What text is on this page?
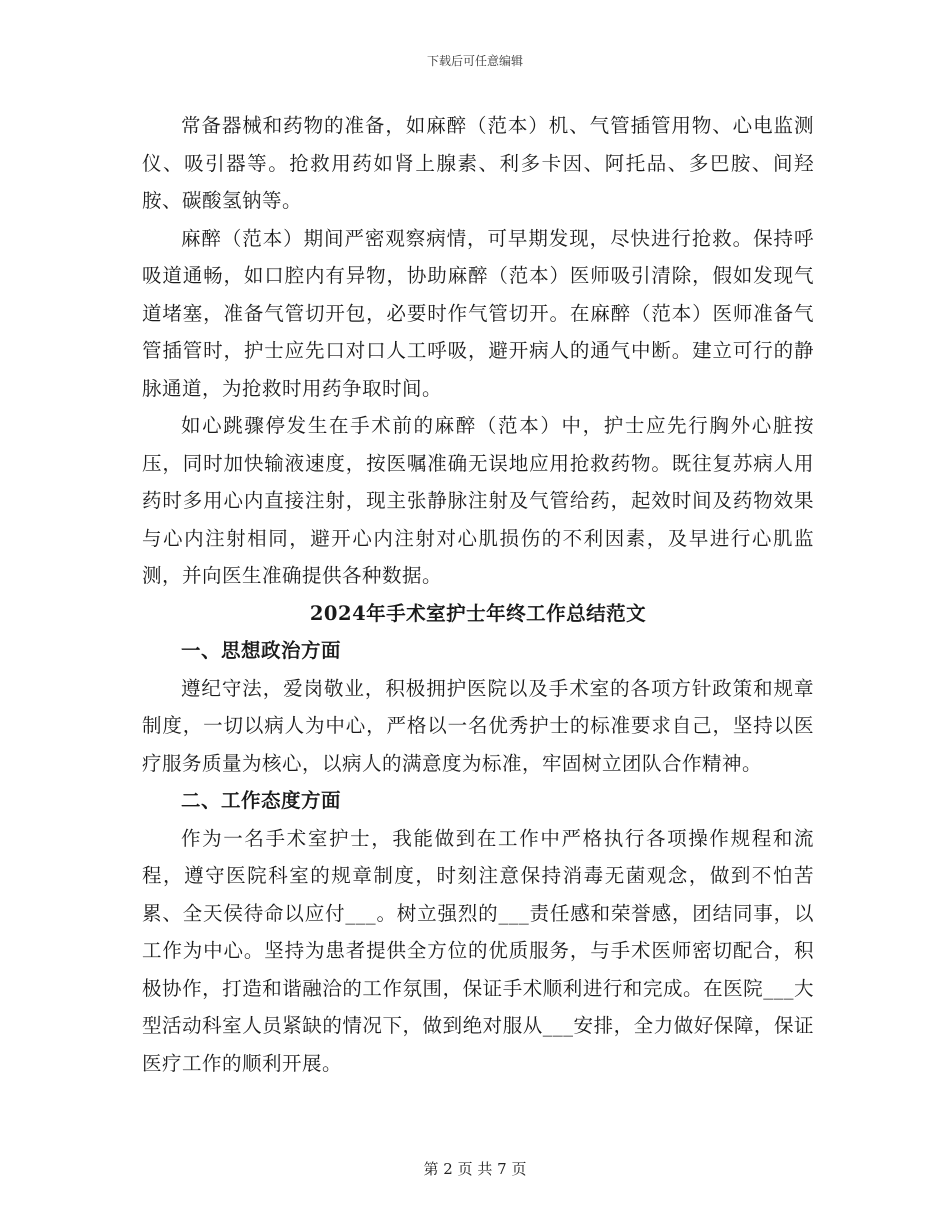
下载后可任意编辑

常备器械和药物的准备，如麻醉（范本）机、气管插管用物、心电监测仪、吸引器等。抢救用药如肾上腺素、利多卡因、阿托品、多巴胺、间羟胺、碳酸氢钠等。

麻醉（范本）期间严密观察病情，可早期发现，尽快进行抢救。保持呼吸道通畅，如口腔内有异物，协助麻醉（范本）医师吸引清除，假如发现气道堵塞，准备气管切开包，必要时作气管切开。在麻醉（范本）医师准备气管插管时，护士应先口对口人工呼吸，避开病人的通气中断。建立可行的静脉通道，为抢救时用药争取时间。

如心跳骤停发生在手术前的麻醉（范本）中，护士应先行胸外心脏按压，同时加快输液速度，按医嘱准确无误地应用抢救药物。既往复苏病人用药时多用心内直接注射，现主张静脉注射及气管给药，起效时间及药物效果与心内注射相同，避开心内注射对心肌损伤的不利因素，及早进行心肌监测，并向医生准确提供各种数据。

2024年手术室护士年终工作总结范文

一、思想政治方面

遵纪守法，爱岗敬业，积极拥护医院以及手术室的各项方针政策和规章制度，一切以病人为中心，严格以一名优秀护士的标准要求自己，坚持以医疗服务质量为核心，以病人的满意度为标准，牢固树立团队合作精神。

二、工作态度方面

作为一名手术室护士，我能做到在工作中严格执行各项操作规程和流程，遵守医院科室的规章制度，时刻注意保持消毒无菌观念，做到不怕苦累、全天侯待命以应付___。树立强烈的___责任感和荣誉感，团结同事，以工作为中心。坚持为患者提供全方位的优质服务，与手术医师密切配合，积极协作，打造和谐融洽的工作氛围，保证手术顺利进行和完成。在医院___大型活动科室人员紧缺的情况下，做到绝对服从___安排，全力做好保障，保证医疗工作的顺利开展。

第 2 页 共 7 页
